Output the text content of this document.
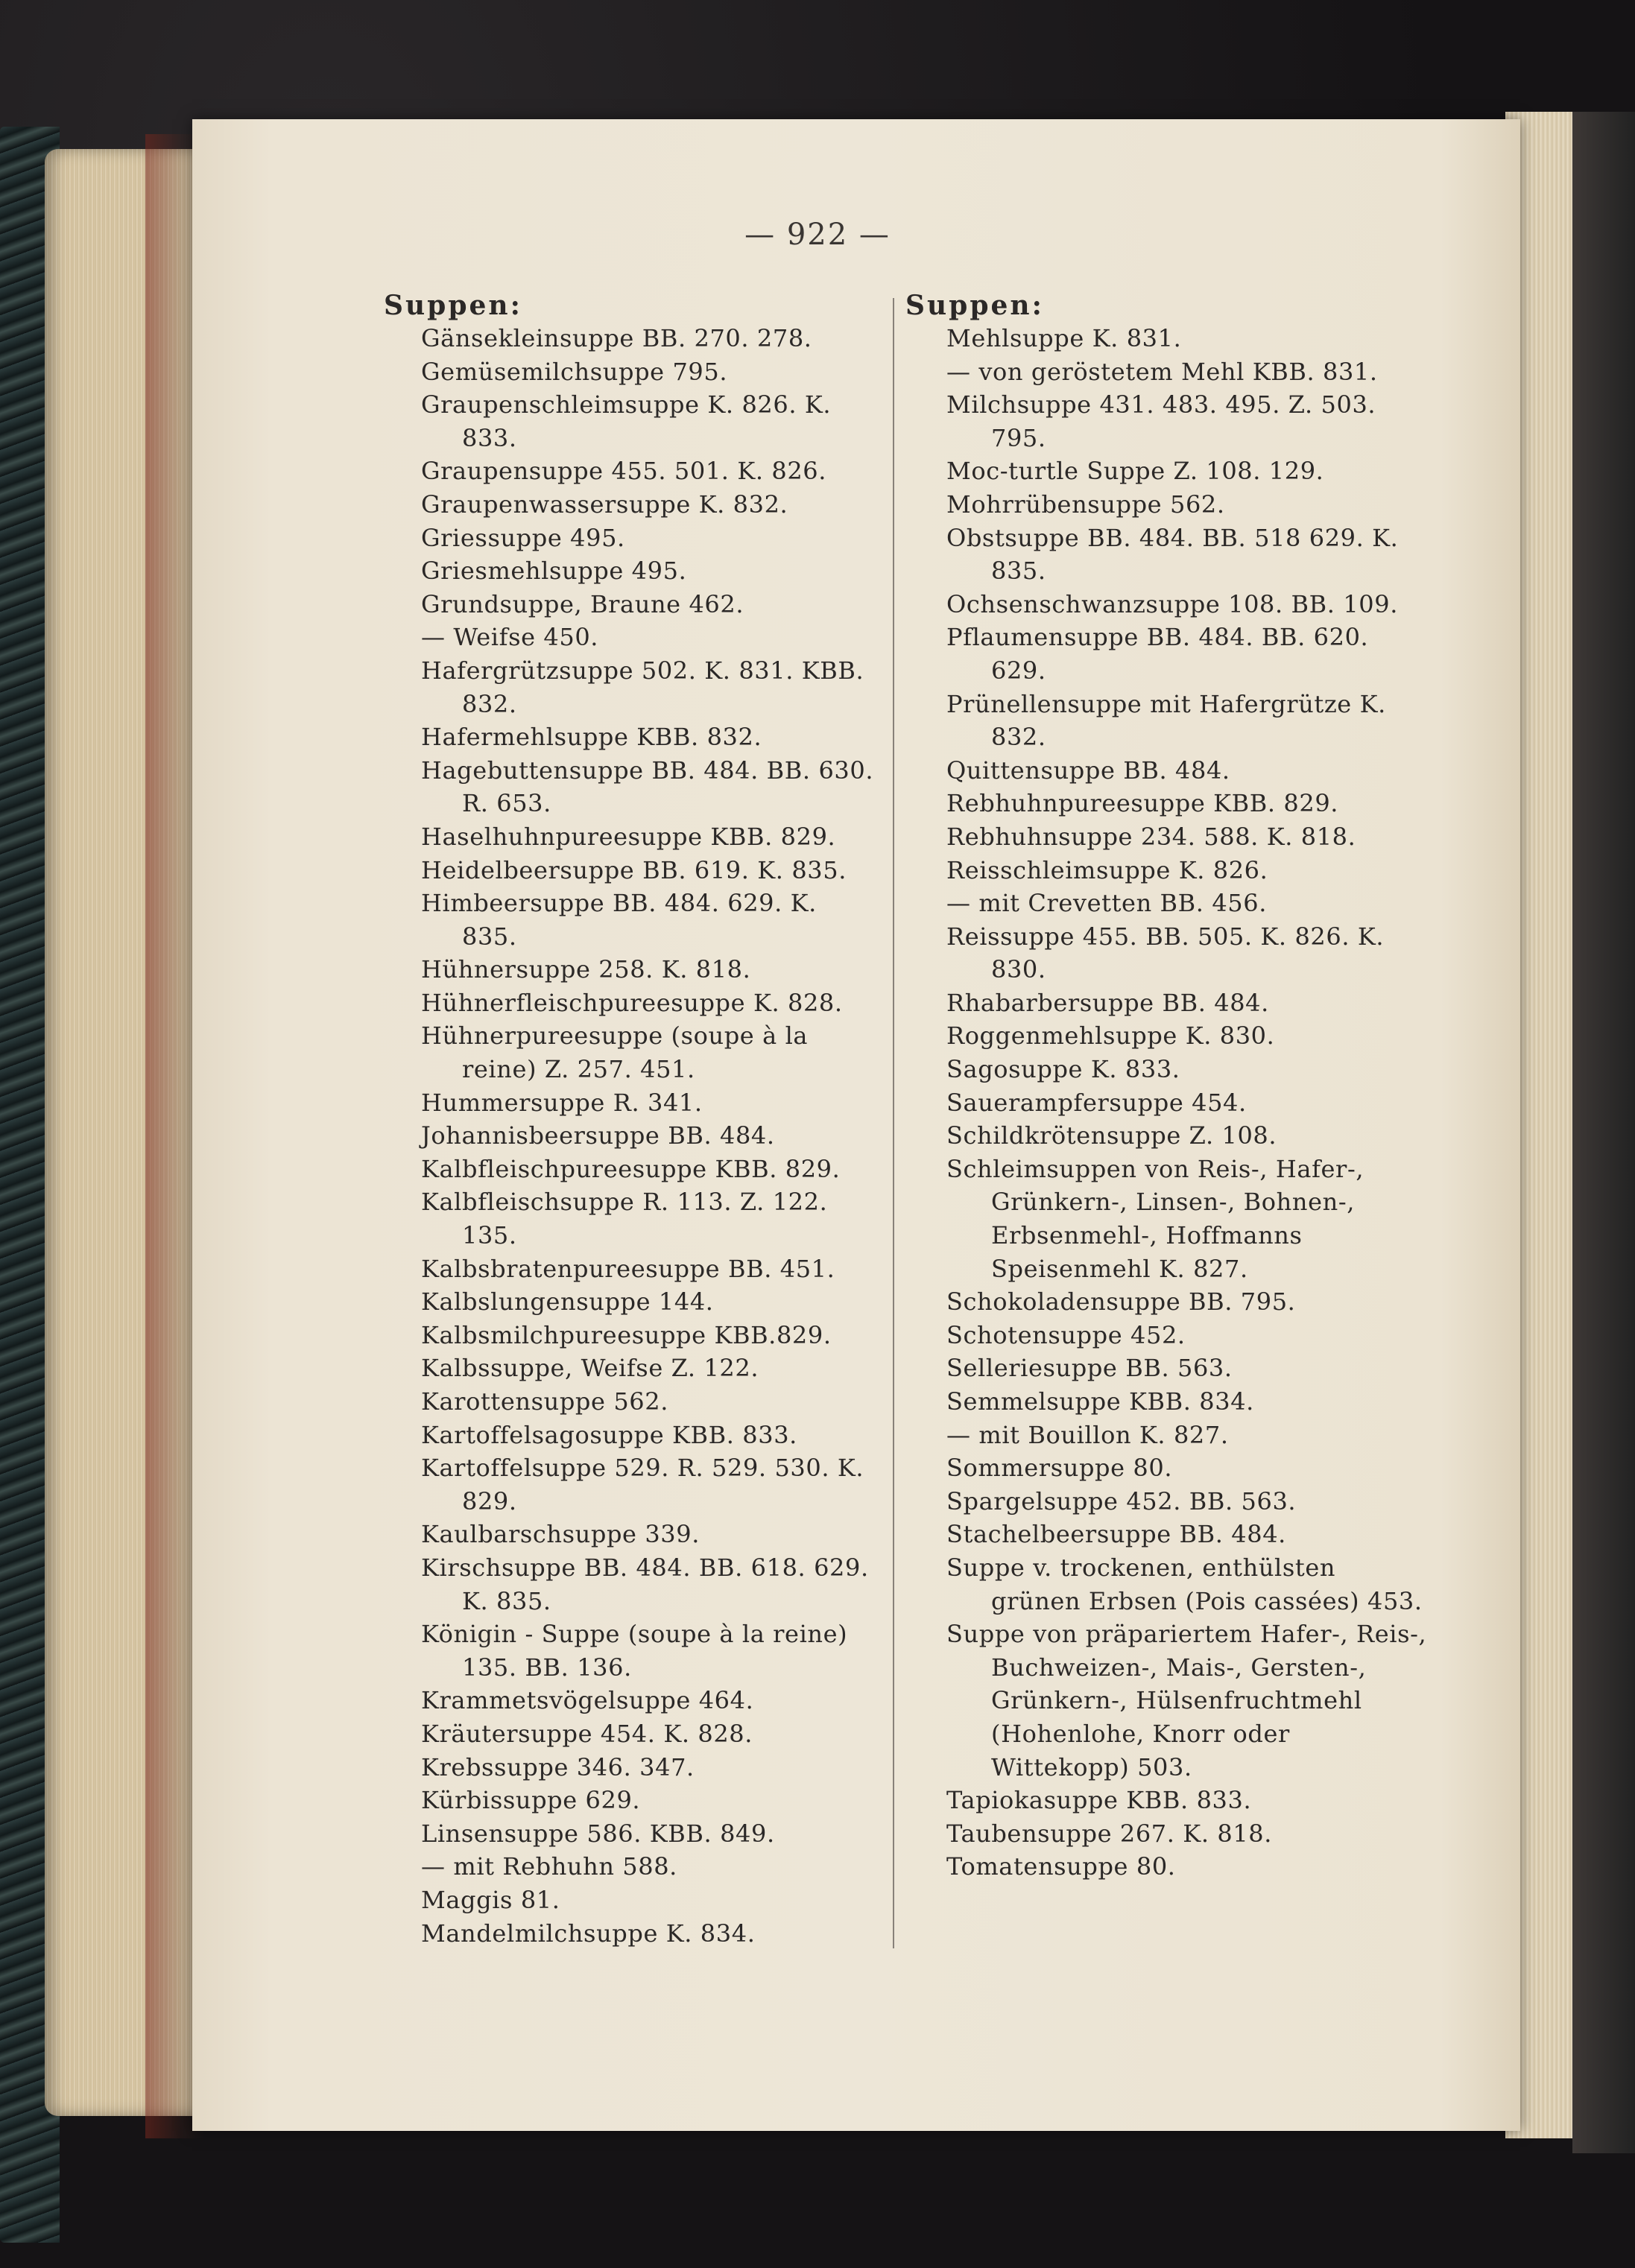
— 922 —
Suppen:
Gänsekleinsuppe BB. 270. 278.
Gemüsemilchsuppe 795.
Graupenschleimsuppe K. 826. K. 833.
Graupensuppe 455. 501. K. 826.
Graupenwassersuppe K. 832.
Griessuppe 495.
Griesmehlsuppe 495.
Grundsuppe, Braune 462.
— Weifse 450.
Hafergrützsuppe 502. K. 831. KBB. 832.
Hafermehlsuppe KBB. 832.
Hagebuttensuppe BB. 484. BB. 630. R. 653.
Haselhuhnpureesuppe KBB. 829.
Heidelbeersuppe BB. 619. K. 835.
Himbeersuppe BB. 484. 629. K. 835.
Hühnersuppe 258. K. 818.
Hühnerfleischpureesuppe K. 828.
Hühnerpureesuppe (soupe à la reine) Z. 257. 451.
Hummersuppe R. 341.
Johannisbeersuppe BB. 484.
Kalbfleischpureesuppe KBB. 829.
Kalbfleischsuppe R. 113. Z. 122. 135.
Kalbsbratenpureesuppe BB. 451.
Kalbslungensuppe 144.
Kalbsmilchpureesuppe KBB.829.
Kalbssuppe, Weifse Z. 122.
Karottensuppe 562.
Kartoffelsagosuppe KBB. 833.
Kartoffelsuppe 529. R. 529. 530. K. 829.
Kaulbarschsuppe 339.
Kirschsuppe BB. 484. BB. 618. 629. K. 835.
Königin - Suppe (soupe à la reine) 135. BB. 136.
Krammetsvögelsuppe 464.
Kräutersuppe 454. K. 828.
Krebssuppe 346. 347.
Kürbissuppe 629.
Linsensuppe 586. KBB. 849.
— mit Rebhuhn 588.
Maggis 81.
Mandelmilchsuppe K. 834.
Suppen:
Mehlsuppe K. 831.
— von geröstetem Mehl KBB. 831.
Milchsuppe 431. 483. 495. Z. 503. 795.
Moc-turtle Suppe Z. 108. 129.
Mohrrübensuppe 562.
Obstsuppe BB. 484. BB. 518 629. K. 835.
Ochsenschwanzsuppe 108. BB. 109.
Pflaumensuppe BB. 484. BB. 620. 629.
Prünellensuppe mit Hafergrütze K. 832.
Quittensuppe BB. 484.
Rebhuhnpureesuppe KBB. 829.
Rebhuhnsuppe 234. 588. K. 818.
Reisschleimsuppe K. 826.
— mit Crevetten BB. 456.
Reissuppe 455. BB. 505. K. 826. K. 830.
Rhabarbersuppe BB. 484.
Roggenmehlsuppe K. 830.
Sagosuppe K. 833.
Sauerampfersuppe 454.
Schildkrötensuppe Z. 108.
Schleimsuppen von Reis-, Hafer-, Grünkern-, Linsen-, Bohnen-, Erbsenmehl-, Hoffmanns Speisenmehl K. 827.
Schokoladensuppe BB. 795.
Schotensuppe 452.
Selleriesuppe BB. 563.
Semmelsuppe KBB. 834.
— mit Bouillon K. 827.
Sommersuppe 80.
Spargelsuppe 452. BB. 563.
Stachelbeersuppe BB. 484.
Suppe v. trockenen, enthülsten grünen Erbsen (Pois cassées) 453.
Suppe von präpariertem Hafer-, Reis-, Buchweizen-, Mais-, Gersten-, Grünkern-, Hülsenfruchtmehl (Hohenlohe, Knorr oder Wittekopp) 503.
Tapiokasuppe KBB. 833.
Taubensuppe 267. K. 818.
Tomatensuppe 80.
